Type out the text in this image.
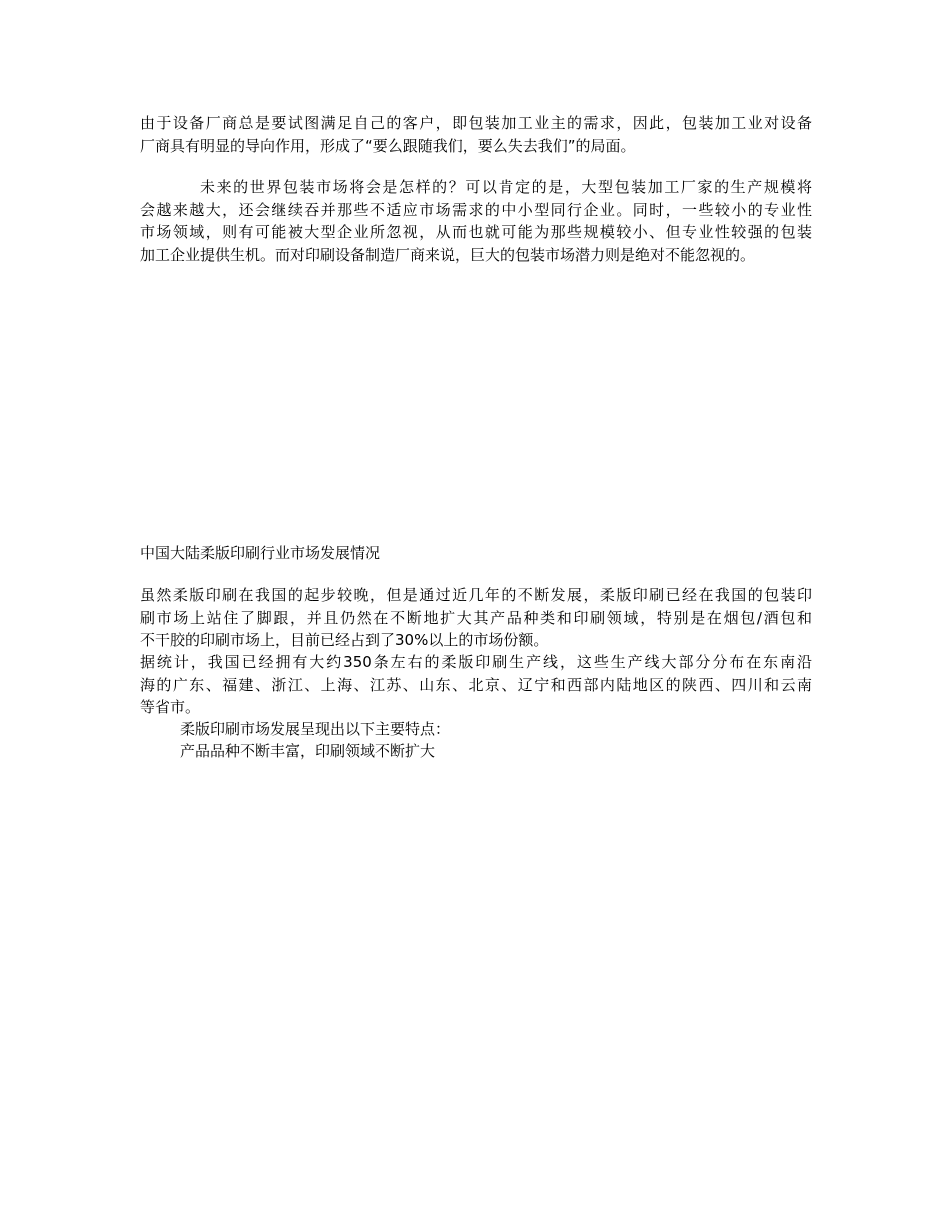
由于设备厂商总是要试图满足自己的客户，即包装加工业主的需求，因此，包装加工业对设备
厂商具有明显的导向作用，形成了“要么跟随我们，要么失去我们”的局面。
未来的世界包装市场将会是怎样的？可以肯定的是，大型包装加工厂家的生产规模将
会越来越大，还会继续吞并那些不适应市场需求的中小型同行企业。同时，一些较小的专业性
市场领域，则有可能被大型企业所忽视，从而也就可能为那些规模较小、但专业性较强的包装
加工企业提供生机。而对印刷设备制造厂商来说，巨大的包装市场潜力则是绝对不能忽视的。

中国大陆柔版印刷行业市场发展情况

虽然柔版印刷在我国的起步较晚，但是通过近几年的不断发展，柔版印刷已经在我国的包装印
刷市场上站住了脚跟，并且仍然在不断地扩大其产品种类和印刷领域，特别是在烟包/酒包和
不干胶的印刷市场上，目前已经占到了30%以上的市场份额。
据统计，我国已经拥有大约350条左右的柔版印刷生产线，这些生产线大部分分布在东南沿
海的广东、福建、浙江、上海、江苏、山东、北京、辽宁和西部内陆地区的陕西、四川和云南
等省市。

柔版印刷市场发展呈现出以下主要特点：

产品品种不断丰富，印刷领域不断扩大
